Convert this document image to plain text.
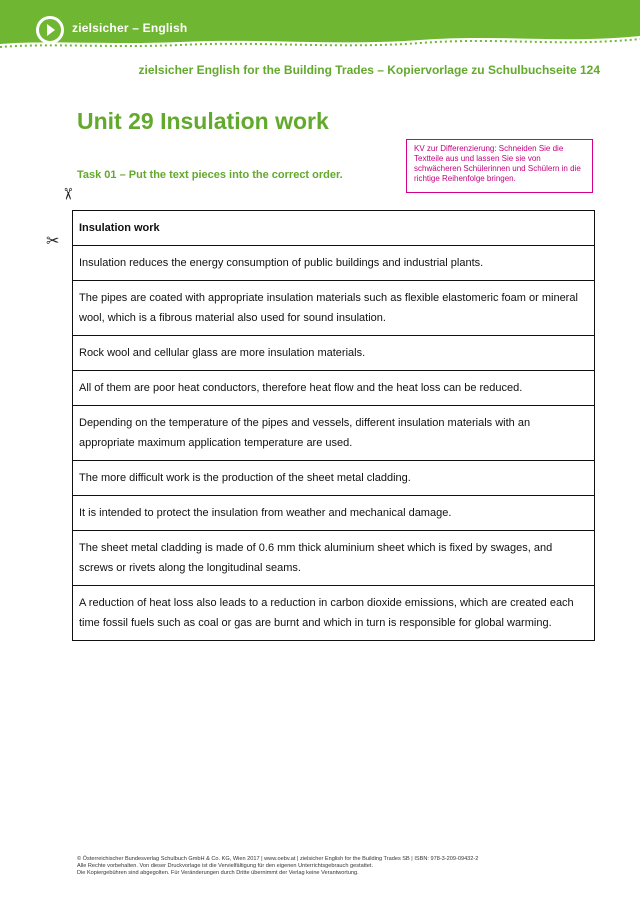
zielsicher – English
zielsicher English for the Building Trades – Kopiervorlage zu Schulbuchseite 124
Unit 29 Insulation work
KV zur Differenzierung: Schneiden Sie die Textteile aus und lassen Sie sie von schwächeren Schülerinnen und Schülern in die richtige Reihenfolge bringen.
Task 01 – Put the text pieces into the correct order.
✂
✂
Insulation work
Insulation reduces the energy consumption of public buildings and industrial plants.
The pipes are coated with appropriate insulation materials such as flexible elastomeric foam or mineral wool, which is a fibrous material also used for sound insulation.
Rock wool and cellular glass are more insulation materials.
All of them are poor heat conductors, therefore heat flow and the heat loss can be reduced.
Depending on the temperature of the pipes and vessels, different insulation materials with an appropriate maximum application temperature are used.
The more difficult work is the production of the sheet metal cladding.
It is intended to protect the insulation from weather and mechanical damage.
The sheet metal cladding is made of 0.6 mm thick aluminium sheet which is fixed by swages, and screws or rivets along the longitudinal seams.
A reduction of heat loss also leads to a reduction in carbon dioxide emissions, which are created each time fossil fuels such as coal or gas are burnt and which in turn is responsible for global warming.
© Österreichischer Bundesverlag Schulbuch GmbH & Co. KG, Wien 2017 | www.oebv.at | zielsicher English for the Building Trades SB | ISBN: 978-3-209-09432-2
Alle Rechte vorbehalten. Von dieser Druckvorlage ist die Vervielfältigung für den eigenen Unterrichtsgebrauch gestattet.
Die Kopiergebühren sind abgegolten. Für Veränderungen durch Dritte übernimmt der Verlag keine Verantwortung.
